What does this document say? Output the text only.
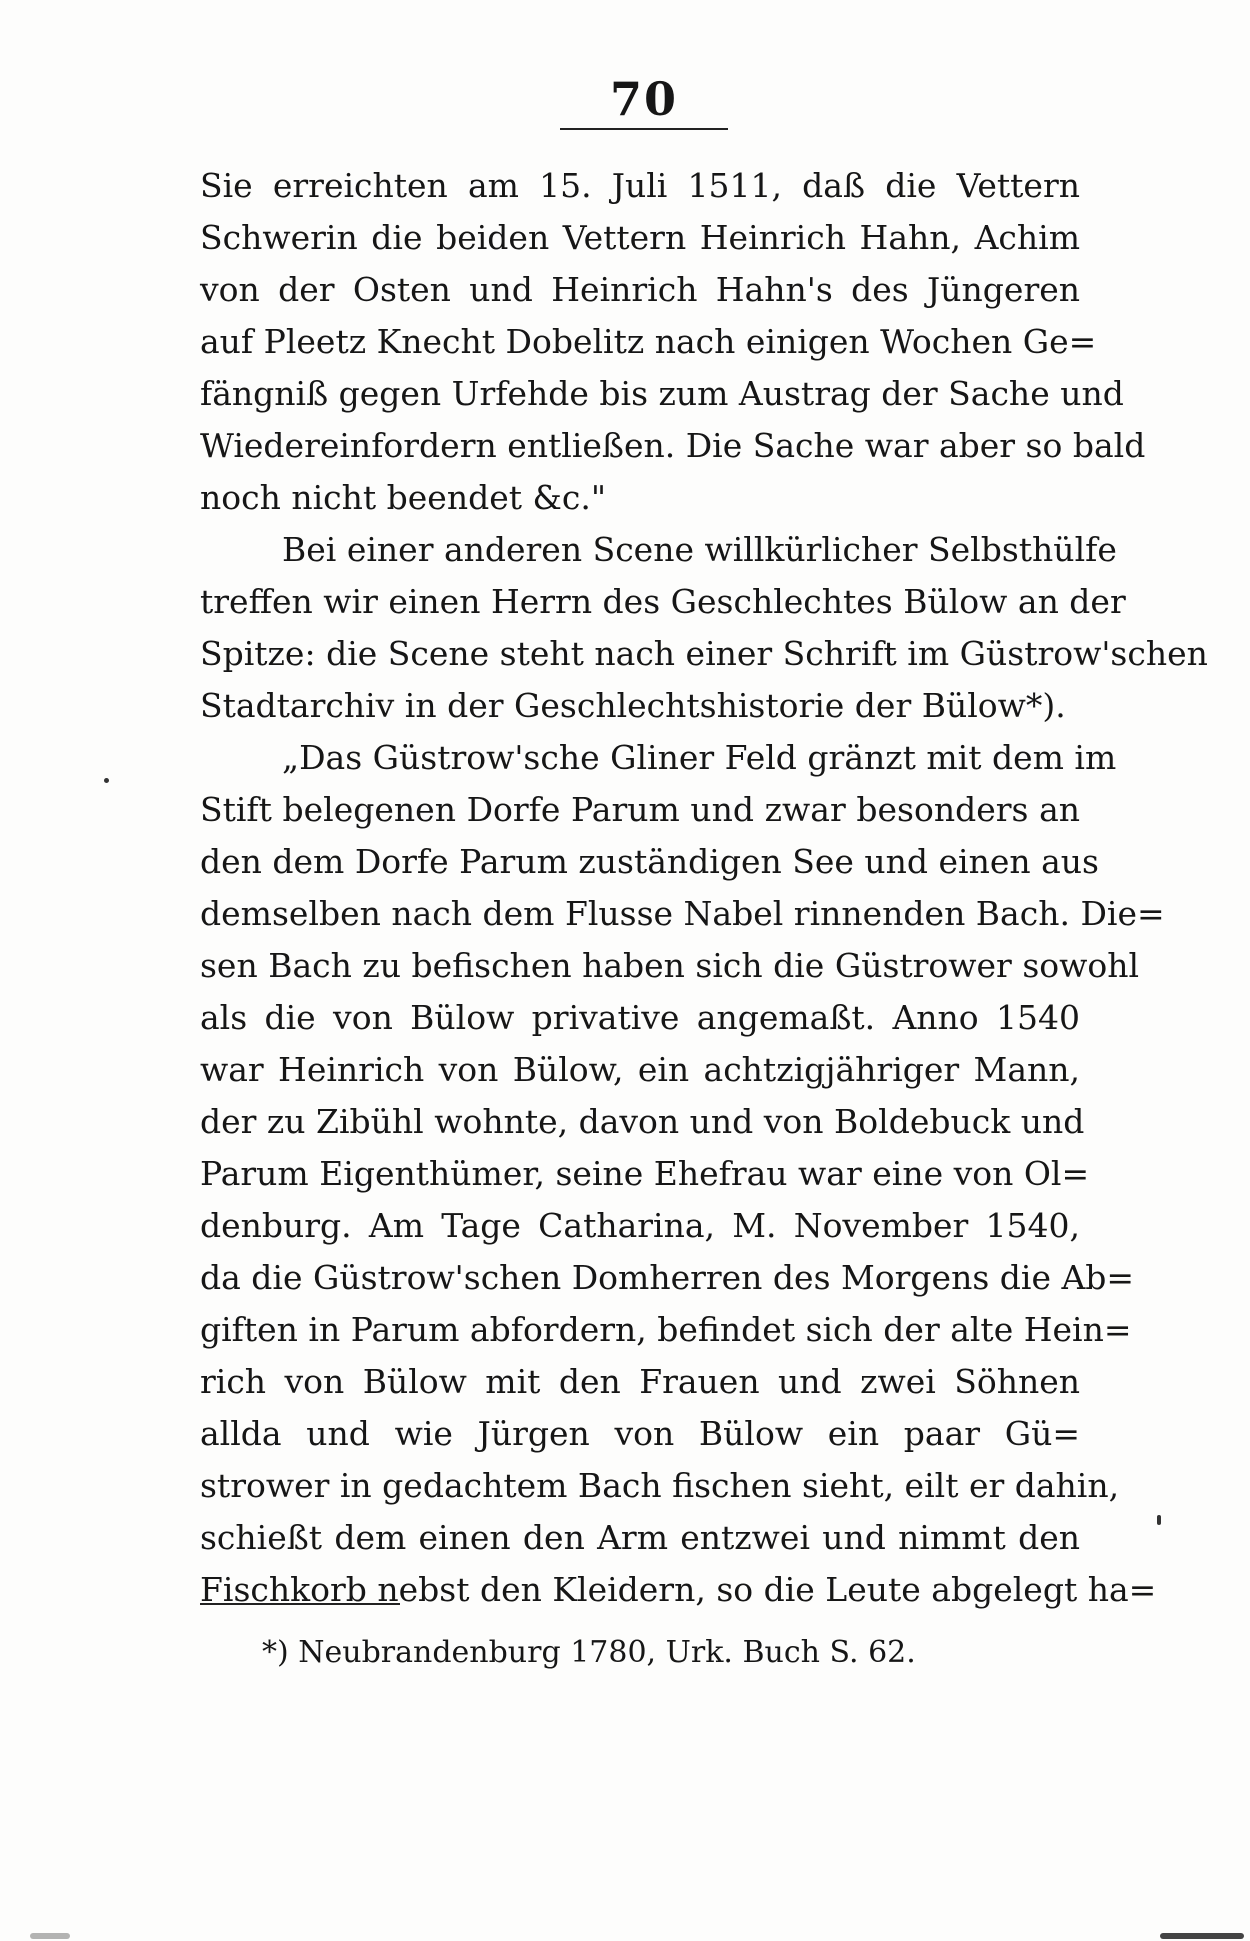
70
Sie erreichten am 15. Juli 1511, daß die Vettern
Schwerin die beiden Vettern Heinrich Hahn, Achim
von der Osten und Heinrich Hahn's des Jüngeren
auf Pleetz Knecht Dobelitz nach einigen Wochen Ge=
fängniß gegen Urfehde bis zum Austrag der Sache und
Wiedereinfordern entließen. Die Sache war aber so bald
noch nicht beendet &c."
Bei einer anderen Scene willkürlicher Selbsthülfe
treffen wir einen Herrn des Geschlechtes Bülow an der
Spitze: die Scene steht nach einer Schrift im Güstrow'schen
Stadtarchiv in der Geschlechtshistorie der Bülow*).
„Das Güstrow'sche Gliner Feld gränzt mit dem im
Stift belegenen Dorfe Parum und zwar besonders an
den dem Dorfe Parum zuständigen See und einen aus
demselben nach dem Flusse Nabel rinnenden Bach. Die=
sen Bach zu befischen haben sich die Güstrower sowohl
als die von Bülow privative angemaßt. Anno 1540
war Heinrich von Bülow, ein achtzigjähriger Mann,
der zu Zibühl wohnte, davon und von Boldebuck und
Parum Eigenthümer, seine Ehefrau war eine von Ol=
denburg. Am Tage Catharina, M. November 1540,
da die Güstrow'schen Domherren des Morgens die Ab=
giften in Parum abfordern, befindet sich der alte Hein=
rich von Bülow mit den Frauen und zwei Söhnen
allda und wie Jürgen von Bülow ein paar Gü=
strower in gedachtem Bach fischen sieht, eilt er dahin,
schießt dem einen den Arm entzwei und nimmt den
Fischkorb nebst den Kleidern, so die Leute abgelegt ha=

*) Neubrandenburg 1780, Urk. Buch S. 62.
